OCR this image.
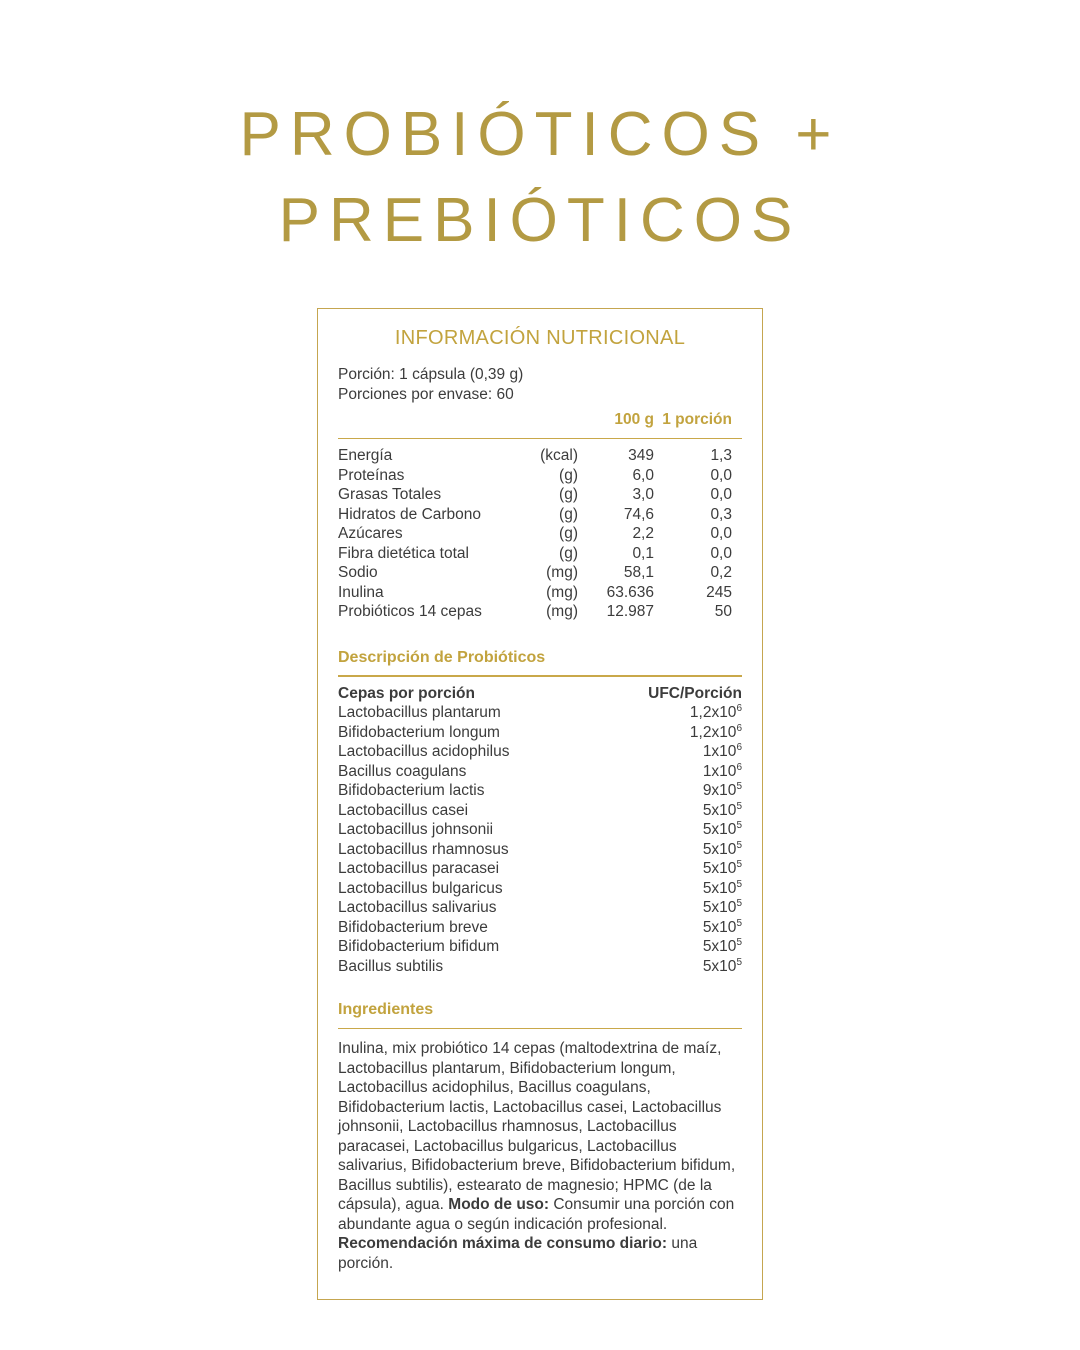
PROBIÓTICOS +
PREBIÓTICOS
INFORMACIÓN NUTRICIONAL
Porción: 1 cápsula (0,39 g)
Porciones por envase: 60
100 g 1 porción
Energía	(kcal)	349	1,3
Proteínas	(g)	6,0	0,0
Grasas Totales	(g)	3,0	0,0
Hidratos de Carbono	(g)	74,6	0,3
Azúcares	(g)	2,2	0,0
Fibra dietética total	(g)	0,1	0,0
Sodio	(mg)	58,1	0,2
Inulina	(mg)	63.636	245
Probióticos 14 cepas	(mg)	12.987	50
Descripción de Probióticos
Cepas por porción	UFC/Porción
Lactobacillus plantarum	$1,2x10^6$
Bifidobacterium longum	$1,2x10^6$
Lactobacillus acidophilus	$1x10^6$
Bacillus coagulans	$1x10^6$
Bifidobacterium lactis	$9x10^5$
Lactobacillus casei	$5x10^5$
Lactobacillus johnsonii	$5x10^5$
Lactobacillus rhamnosus	$5x10^5$
Lactobacillus paracasei	$5x10^5$
Lactobacillus bulgaricus	$5x10^5$
Lactobacillus salivarius	$5x10^5$
Bifidobacterium breve	$5x10^5$
Bifidobacterium bifidum	$5x10^5$
Bacillus subtilis	$5x10^5$
Ingredientes

Inulina, mix probiótico 14 cepas (maltodextrina de maíz, Lactobacillus plantarum, Bifidobacterium longum, Lactobacillus acidophilus, Bacillus coagulans, Bifidobacterium lactis, Lactobacillus casei, Lactobacillus johnsonii, Lactobacillus rhamnosus, Lactobacillus paracasei, Lactobacillus bulgaricus, Lactobacillus salivarius, Bifidobacterium breve, Bifidobacterium bifidum, Bacillus subtilis), estearato de magnesio; HPMC (de la cápsula), agua. Modo de uso: Consumir una porción con abundante agua o según indicación profesional. Recomendación máxima de consumo diario: una porción.
